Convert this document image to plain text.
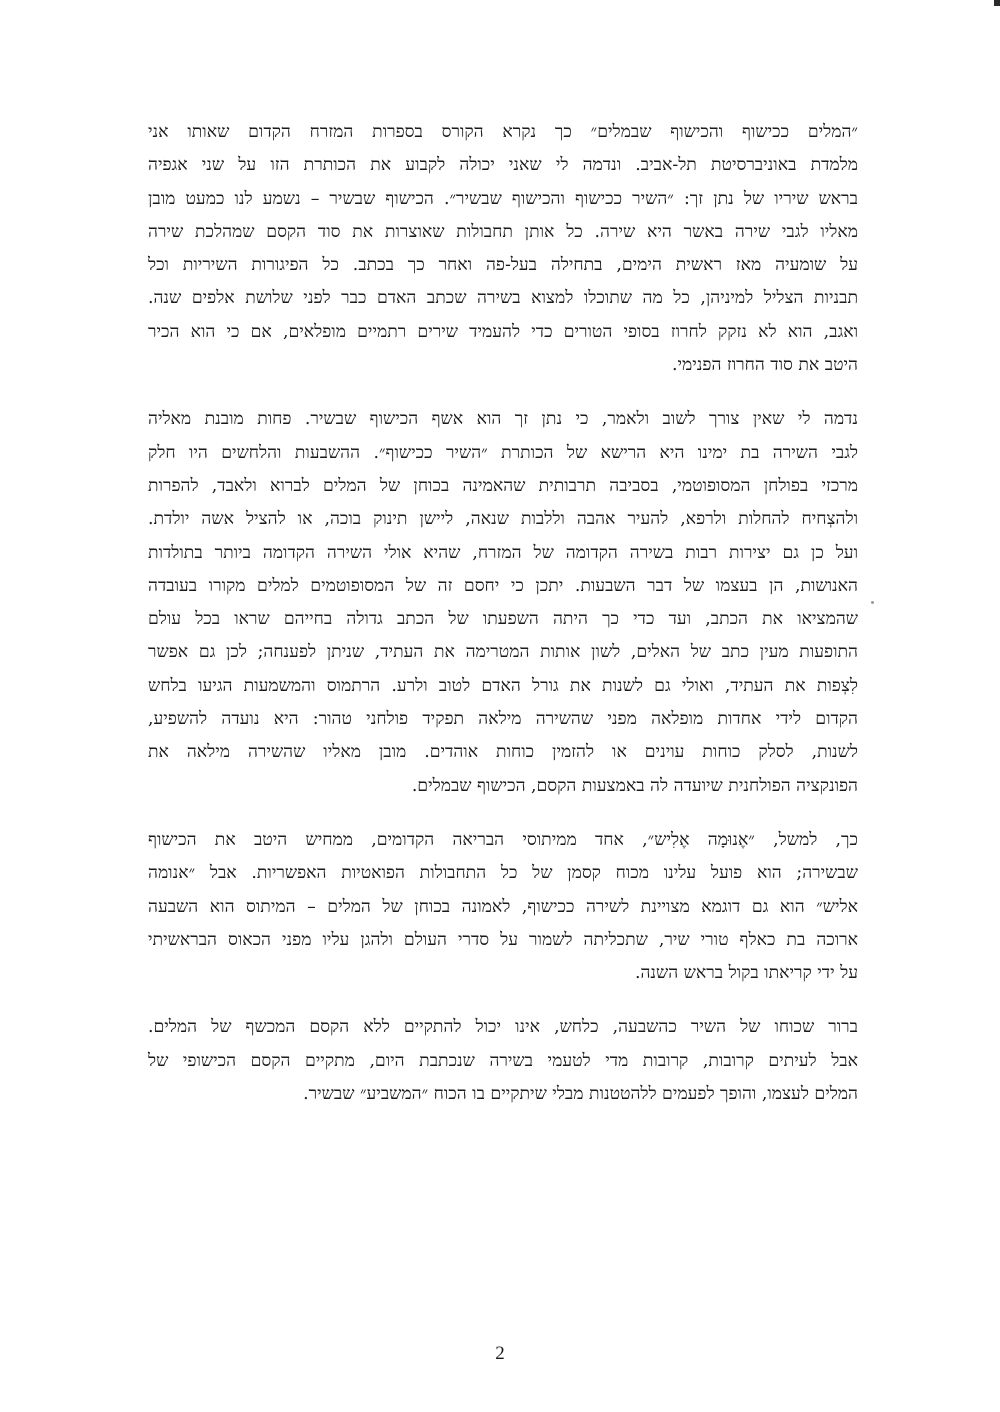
״המלים ככישוף והכישוף שבמלים״ כך נקרא הקורס בספרות המזרח הקדום שאותו אני
מלמדת באוניברסיטת תל-אביב. ונדמה לי שאני יכולה לקבוע את הכותרת הזו על שני אגפיה
בראש שיריו של נתן זך: ״השיר ככישוף והכישוף שבשיר״. הכישוף שבשיר – נשמע לנו כמעט מובן
מאליו לגבי שירה באשר היא שירה. כל אותן תחבולות שאוצרות את סוד הקסם שמהלכת שירה
על שומעיה מאז ראשית הימים, בתחילה בעל-פה ואחר כך בכתב. כל הפיגורות השיריות וכל
תבניות הצליל למיניהן, כל מה שתוכלו למצוא בשירה שכתב האדם כבר לפני שלושת אלפים שנה.
ואגב, הוא לא נזקק לחרוז בסופי הטורים כדי להעמיד שירים רתמיים מופלאים, אם כי הוא הכיר
היטב את סוד החרוז הפנימי.
נדמה לי שאין צורך לשוב ולאמר, כי נתן זך הוא אשף הכישוף שבשיר. פחות מובנת מאליה
לגבי השירה בת ימינו היא הרישא של הכותרת ״השיר ככישוף״. ההשבעות והלחשים היו חלק
מרכזי בפולחן המסופוטמי, בסביבה תרבותית שהאמינה בכוחן של המלים לברוא ולאבד, להפרות
ולהצְחיח להחלות ולרפא, להעיר אהבה וללבות שנאה, ליישן תינוק בוכה, או להציל אשה יולדת.
ועל כן גם יצירות רבות בשירה הקדומה של המזרח, שהיא אולי השירה הקדומה ביותר בתולדות
האנושות, הן בעצמו של דבר השבעות. יתכן כי יחסם זה של המסופוטמים למלים מקורו בעובדה
שהמציאו את הכתב, ועד כדי כך היתה השפעתו של הכתב גדולה בחייהם שראו בכל עולם
התופעות מעין כתב של האלים, לשון אותות המטרימה את העתיד, שניתן לפענחה; לכן גם אפשר
לִצְפות את העתיד, ואולי גם לשנות את גורל האדם לטוב ולרע. הרתמוס והמשמעות הגיעו בלחש
הקדום לידי אחדות מופלאה מפני שהשירה מילאה תפקיד פולחני טהור: היא נועדה להשפיע,
לשנות, לסלק כוחות עוינים או להזמין כוחות אוהדים. מובן מאליו שהשירה מילאה את
הפונקציה הפולחנית שיועדה לה באמצעות הקסם, הכישוף שבמלים.
כך, למשל, ״אֶנוּמָה אֶלִיש״, אחד ממיתוסי הבריאה הקדומים, ממחיש היטב את הכישוף
שבשירה; הוא פועל עלינו מכוח קסמן של כל התחבולות הפואטיות האפשריות. אבל ״אנומה
אליש״ הוא גם דוגמא מצויינת לשירה ככישוף, לאמונה בכוחן של המלים – המיתוס הוא השבעה
ארוכה בת כאלף טורי שיר, שתכליתה לשמור על סדרי העולם ולהגן עליו מפני הכאוס הבראשיתי
על ידי קריאתו בקול בראש השנה.
ברור שכוחו של השיר כהשבעה, כלחש, אינו יכול להתקיים ללא הקסם המכשף של המלים.
אבל לעיתים קרובות, קרובות מדי לטעמי בשירה שנכתבת היום, מתקיים הקסם הכישופי של
המלים לעצמו, והופך לפעמים ללהטטנות מבלי שיתקיים בו הכוח ״המשביע״ שבשיר.
2
